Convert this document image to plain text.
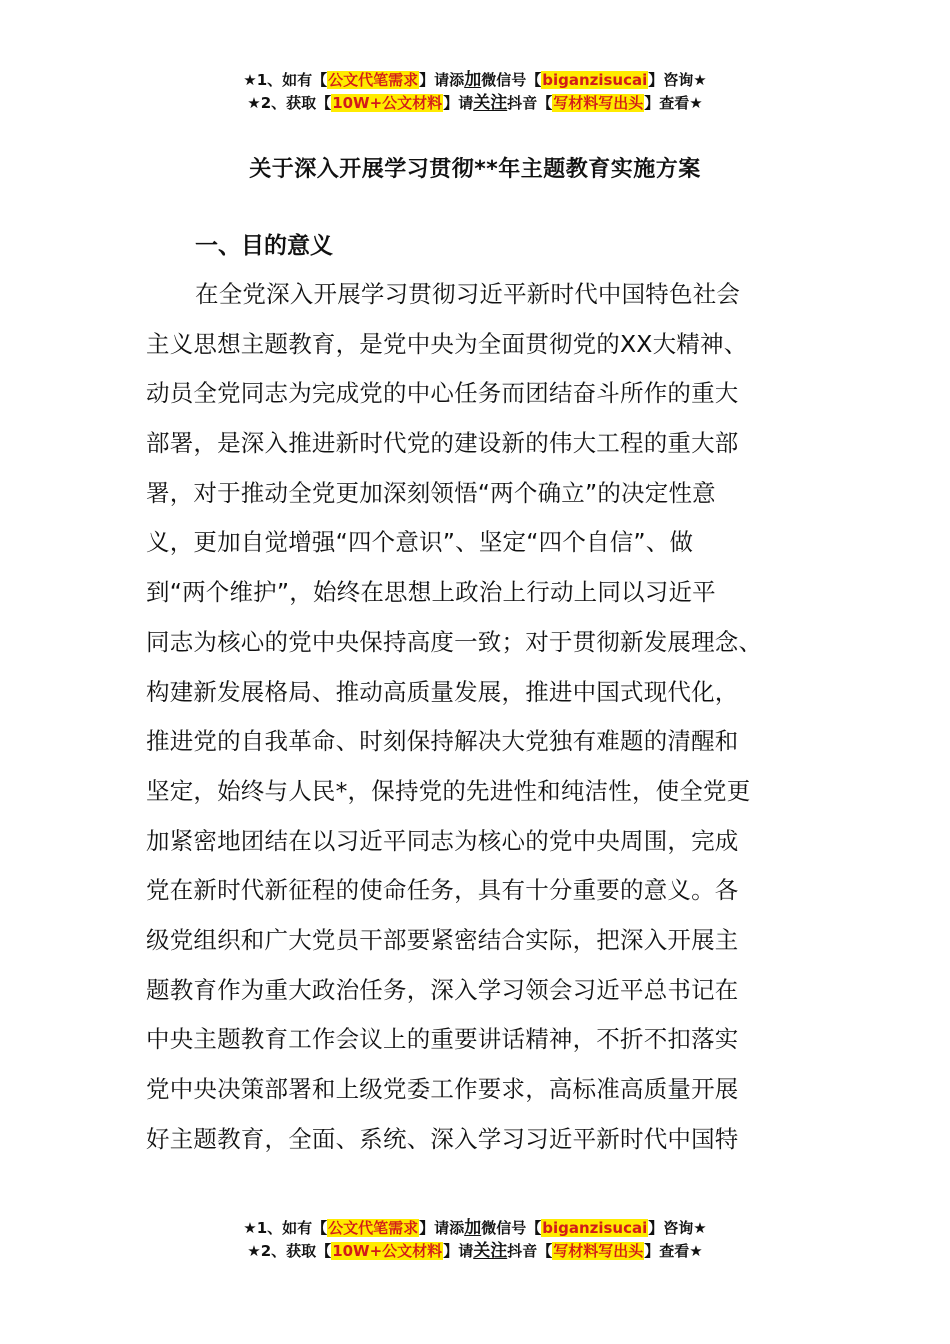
★1、如有【公文代笔需求】请添加微信号【biganzisucai】咨询★
★2、获取【10W+公文材料】请关注抖音【写材料写出头】查看★
关于深入开展学习贯彻**年主题教育实施方案
一、目的意义
在全党深入开展学习贯彻习近平新时代中国特色社会
主义思想主题教育，是党中央为全面贯彻党的XX大精神、
动员全党同志为完成党的中心任务而团结奋斗所作的重大
部署，是深入推进新时代党的建设新的伟大工程的重大部
署，对于推动全党更加深刻领悟“两个确立”的决定性意
义，更加自觉增强“四个意识”、坚定“四个自信”、做
到“两个维护”，始终在思想上政治上行动上同以习近平
同志为核心的党中央保持高度一致；对于贯彻新发展理念、
构建新发展格局、推动高质量发展，推进中国式现代化，
推进党的自我革命、时刻保持解决大党独有难题的清醒和
坚定，始终与人民*，保持党的先进性和纯洁性，使全党更
加紧密地团结在以习近平同志为核心的党中央周围，完成
党在新时代新征程的使命任务，具有十分重要的意义。各
级党组织和广大党员干部要紧密结合实际，把深入开展主
题教育作为重大政治任务，深入学习领会习近平总书记在
中央主题教育工作会议上的重要讲话精神，不折不扣落实
党中央决策部署和上级党委工作要求，高标准高质量开展
好主题教育，全面、系统、深入学习习近平新时代中国特
★1、如有【公文代笔需求】请添加微信号【biganzisucai】咨询★
★2、获取【10W+公文材料】请关注抖音【写材料写出头】查看★
